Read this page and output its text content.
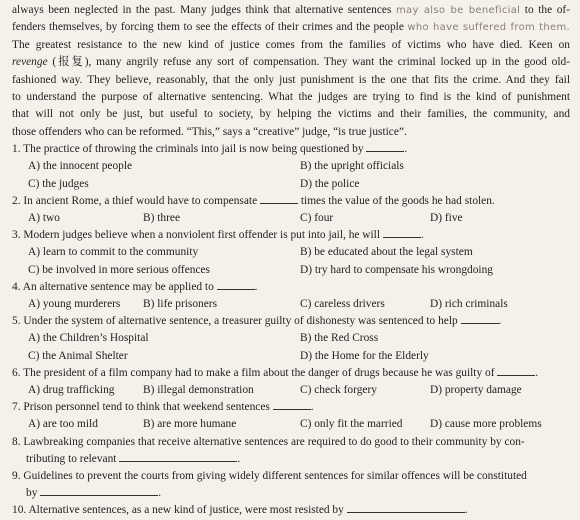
always been neglected in the past. Many judges think that alternative sentences may also be beneficial to the of-
fenders themselves, by forcing them to see the effects of their crimes and the people who have suffered from them.
The greatest resistance to the new kind of justice comes from the families of victims who have died. Keen on
revenge (报复), many angrily refuse any sort of compensation. They want the criminal locked up in the good old-
fashioned way. They believe, reasonably, that the only just punishment is the one that fits the crime. And they fail
to understand the purpose of alternative sentencing. What the judges are trying to find is the kind of punishment
that will not only be just, but useful to society, by helping the victims and their families, the community, and
those offenders who can be reformed. “This,” says a “creative” judge, “is true justice”.

1. The practice of throwing the criminals into jail is now being questioned by	.
A) the innocent people	B) the upright officials
C) the judges	D) the police
2. In ancient Rome, a thief would have to compensate	times the value of the goods he had stolen.
A) two	B) three	C) four	D) five
3. Modern judges believe when a nonviolent first offender is put into jail, he will	.
A) learn to commit to the community	B) be educated about the legal system
C) be involved in more serious offences	D) try hard to compensate his wrongdoing
4. An alternative sentence may be applied to	.
A) young murderers B) life prisoners	C) careless drivers	D) rich criminals
5. Under the system of alternative sentence, a treasurer guilty of dishonesty was sentenced to help	.
A) the Children’s Hospital	B) the Red Cross
C) the Animal Shelter	D) the Home for the Elderly
6. The president of a film company had to make a film about the danger of drugs because he was guilty of	.
A) drug trafficking	B) illegal demonstration	C) check forgery	D) property damage
7. Prison personnel tend to think that weekend sentences	.
A) are too mild	B) are more humane	C) only fit the married D) cause more problems
8. Lawbreaking companies that receive alternative sentences are required to do good to their community by con-
tributing to relevant	.
9. Guidelines to prevent the courts from giving widely different sentences for similar offences will be constituted
by	.
10. Alternative sentences, as a new kind of justice, were most resisted by	.
